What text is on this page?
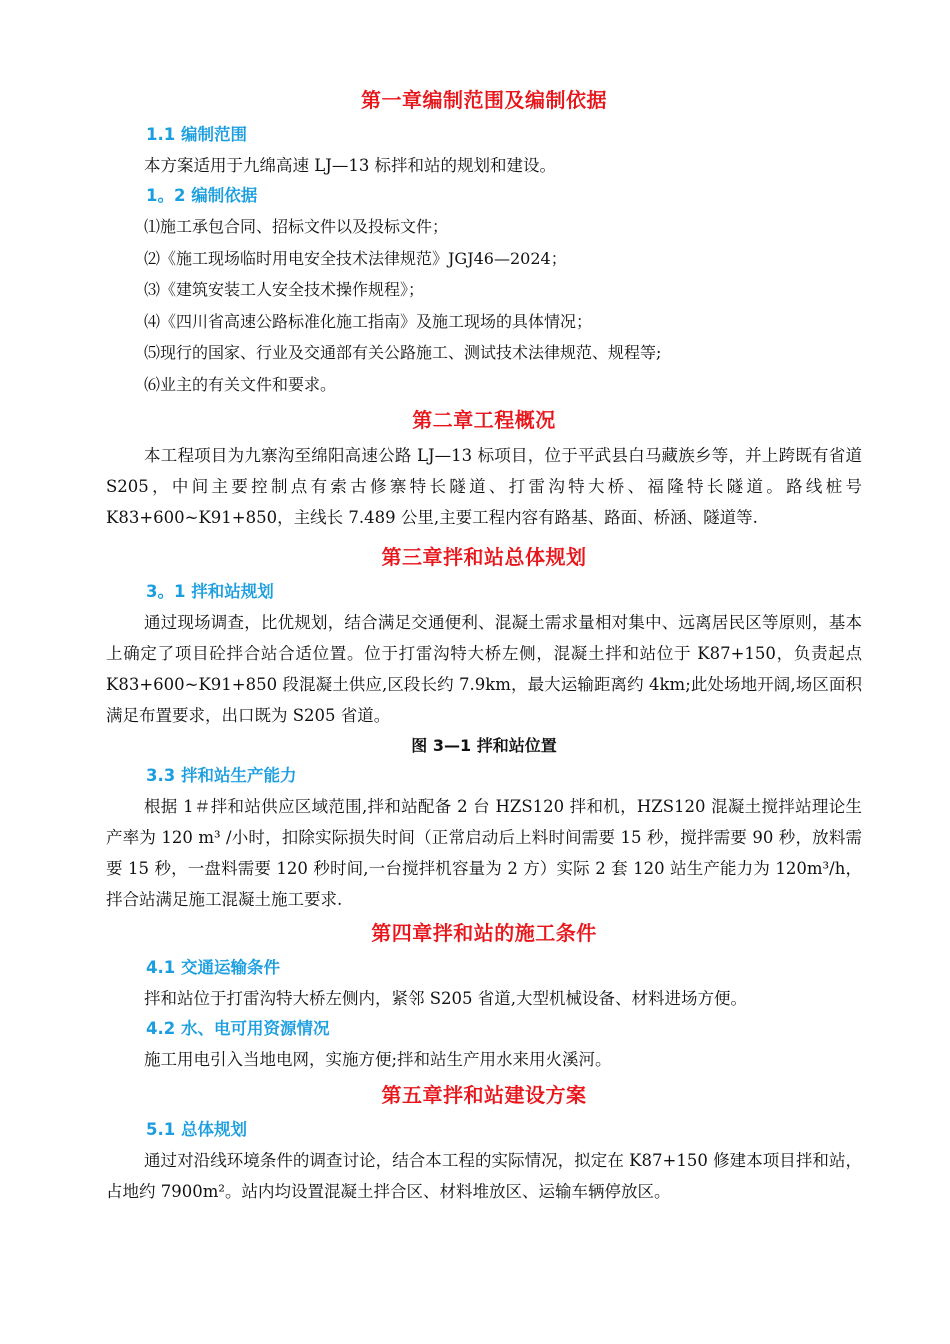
第一章编制范围及编制依据
1.1 编制范围

本方案适用于九绵高速 LJ—13 标拌和站的规划和建设。

1。2 编制依据

⑴施工承包合同、招标文件以及投标文件；

⑵《施工现场临时用电安全技术法律规范》JGJ46—2024；

⑶《建筑安装工人安全技术操作规程》；

⑷《四川省高速公路标准化施工指南》及施工现场的具体情况；

⑸现行的国家、行业及交通部有关公路施工、测试技术法律规范、规程等;

⑹业主的有关文件和要求。

第二章工程概况

本工程项目为九寨沟至绵阳高速公路 LJ—13 标项目，位于平武县白马藏族乡等，并上跨既有省道 S205，中间主要控制点有索古修寨特长隧道、打雷沟特大桥、福隆特长隧道。路线桩号 K83+600~K91+850，主线长 7.489 公里,主要工程内容有路基、路面、桥涵、隧道等.

第三章拌和站总体规划
3。1 拌和站规划

通过现场调查，比优规划，结合满足交通便利、混凝土需求量相对集中、远离居民区等原则，基本上确定了项目砼拌合站合适位置。位于打雷沟特大桥左侧，混凝土拌和站位于 K87+150，负责起点 K83+600~K91+850 段混凝土供应,区段长约 7.9km，最大运输距离约 4km;此处场地开阔,场区面积满足布置要求，出口既为 S205 省道。

图 3—1 拌和站位置

3.3 拌和站生产能力

根据 1＃拌和站供应区域范围,拌和站配备 2 台 HZS120 拌和机，HZS120 混凝土搅拌站理论生产率为 120 m³ /小时，扣除实际损失时间（正常启动后上料时间需要 15 秒，搅拌需要 90 秒，放料需要 15 秒，一盘料需要 120 秒时间,一台搅拌机容量为 2 方）实际 2 套 120 站生产能力为 120m³/h，拌合站满足施工混凝土施工要求.

第四章拌和站的施工条件
4.1 交通运输条件

拌和站位于打雷沟特大桥左侧内，紧邻 S205 省道,大型机械设备、材料进场方便。

4.2 水、电可用资源情况

施工用电引入当地电网，实施方便;拌和站生产用水来用火溪河。

第五章拌和站建设方案
5.1 总体规划

通过对沿线环境条件的调查讨论，结合本工程的实际情况，拟定在 K87+150 修建本项目拌和站，占地约 7900m²。站内均设置混凝土拌合区、材料堆放区、运输车辆停放区。
